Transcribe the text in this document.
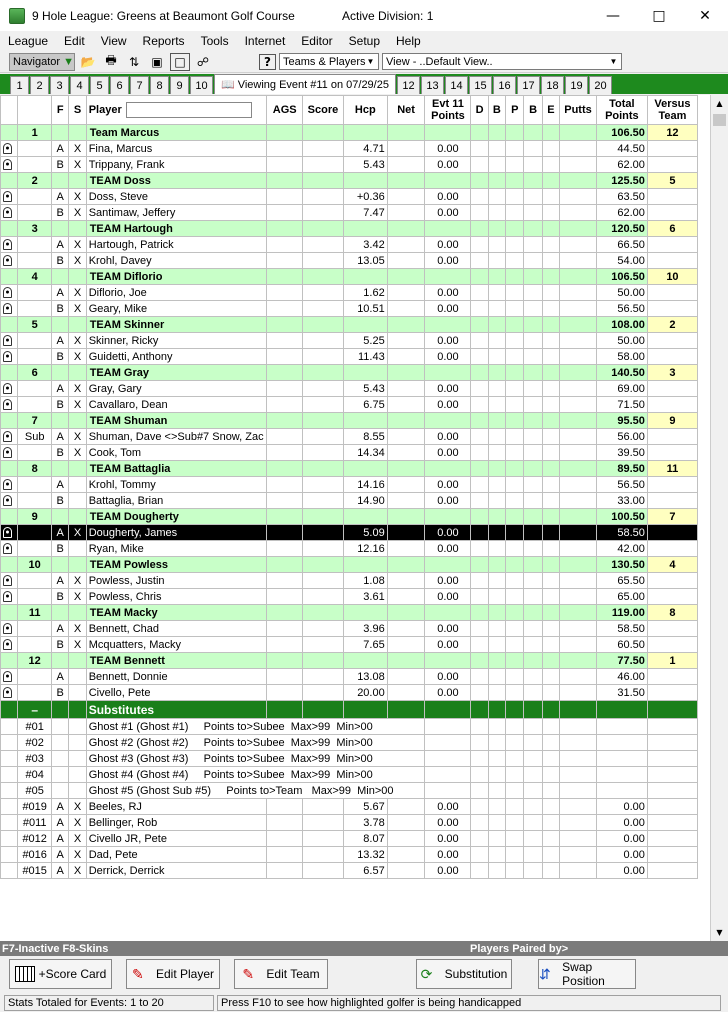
9 Hole League: Greens at Beaumont Golf Course	Active Division: 1	—	□	✕
League	Edit	View	Reports	Tools	Internet	Editor	Setup	Help
Navigator ▼ 📂 🖶	⇅	▣ □ ☍	?	Teams & Players ▼ View - ..Default View..	▼
1	2	3	4	5	6	7	8	9	10	📖 Viewing Event #11 on 07/29/25	12	13	14	15	16	17	18	19	20
		F	S	Player	AGS	Score	Hcp	Net	Evt 11
Points	D	B	P	B	E	Putts	Total
Points	Versus
Team
	1			Team Marcus												106.50	12
●		A	X	Fina, Marcus			4.71		0.00							44.50	
●		B	X	Trippany, Frank			5.43		0.00							62.00	
	2			TEAM Doss												125.50	5
●		A	X	Doss, Steve			+0.36		0.00							63.50	
●		B	X	Santimaw, Jeffery			7.47		0.00							62.00	
	3			TEAM Hartough												120.50	6
●		A	X	Hartough, Patrick			3.42		0.00							66.50	
●		B	X	Krohl, Davey			13.05		0.00							54.00	
	4			TEAM Diflorio												106.50	10
●		A	X	Diflorio, Joe			1.62		0.00							50.00	
●		B	X	Geary, Mike			10.51		0.00							56.50	
	5			TEAM Skinner												108.00	2
●		A	X	Skinner, Ricky			5.25		0.00							50.00	
●		B	X	Guidetti, Anthony			11.43		0.00							58.00	
	6			TEAM Gray												140.50	3
●		A	X	Gray, Gary			5.43		0.00							69.00	
●		B	X	Cavallaro, Dean			6.75		0.00							71.50	
	7			TEAM Shuman												95.50	9
●	Sub	A	X	Shuman, Dave <>Sub#7 Snow, Zac			8.55		0.00							56.00	
●		B	X	Cook, Tom			14.34		0.00							39.50	
	8			TEAM Battaglia												89.50	11
●		A		Krohl, Tommy			14.16		0.00							56.50	
●		B		Battaglia, Brian			14.90		0.00							33.00	
	9			TEAM Dougherty												100.50	7
●		A	X	Dougherty, James			5.09		0.00							58.50	
●		B		Ryan, Mike			12.16		0.00							42.00	
	10			TEAM Powless												130.50	4
●		A	X	Powless, Justin			1.08		0.00							65.50	
●		B	X	Powless, Chris			3.61		0.00							65.00	
	11			TEAM Macky												119.00	8
●		A	X	Bennett, Chad			3.96		0.00							58.50	
●		B	X	Mcquatters, Macky			7.65		0.00							60.50	
	12			TEAM Bennett												77.50	1
●		A		Bennett, Donnie			13.08		0.00							46.00	
●		B		Civello, Pete			20.00		0.00							31.50	
	–			Substitutes													
	#01			Ghost #1 (Ghost #1)     Points to>Subee  Max>99  Min>00													
	#02			Ghost #2 (Ghost #2)     Points to>Subee  Max>99  Min>00													
	#03			Ghost #3 (Ghost #3)     Points to>Subee  Max>99  Min>00													
	#04			Ghost #4 (Ghost #4)     Points to>Subee  Max>99  Min>00													
	#05			Ghost #5 (Ghost Sub #5)     Points to>Team   Max>99  Min>00													
	#019	A	X	Beeles, RJ			5.67		0.00							0.00	
	#011	A	X	Bellinger, Rob			3.78		0.00							0.00	
	#012	A	X	Civello JR, Pete			8.07		0.00							0.00	
	#016	A	X	Dad, Pete			13.32		0.00							0.00	
	#015	A	X	Derrick, Derrick			6.57		0.00							0.00	
▲
▼
F7-Inactive F8-Skins	Players Paired by>
+Score Card ✎	Edit Player ✎	Edit Team	⟳	Substitution ⇵ Swap Position
Stats Totaled for Events: 1 to 20	Press F10 to see how highlighted golfer is being handicapped
